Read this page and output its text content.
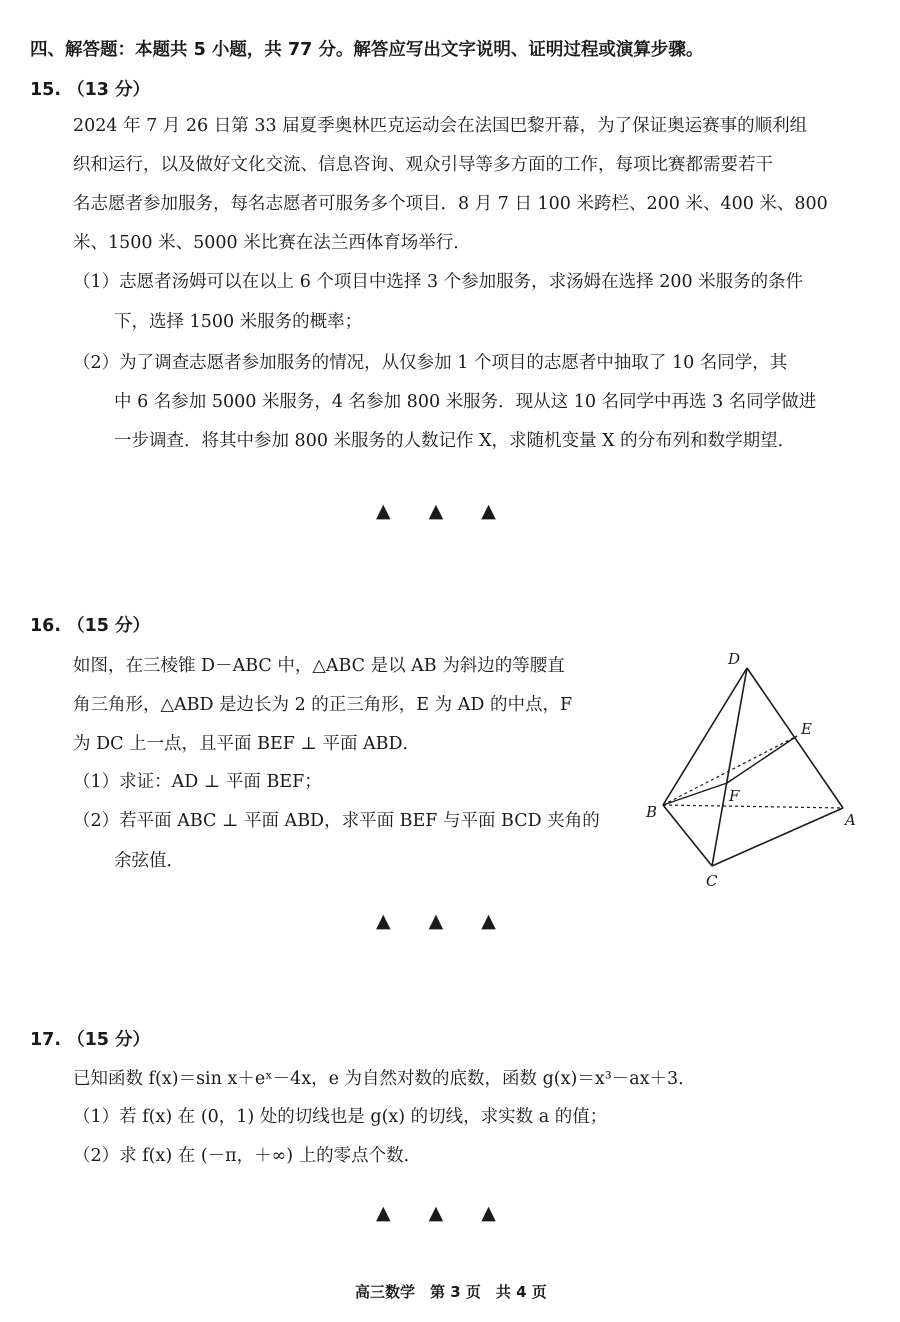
四、解答题：本题共 5 小题，共 77 分。解答应写出文字说明、证明过程或演算步骤。
15. （13 分）
2024 年 7 月 26 日第 33 届夏季奥林匹克运动会在法国巴黎开幕，为了保证奥运赛事的顺利组
织和运行，以及做好文化交流、信息咨询、观众引导等多方面的工作，每项比赛都需要若干
名志愿者参加服务，每名志愿者可服务多个项目．8 月 7 日 100 米跨栏、200 米、400 米、800
米、1500 米、5000 米比赛在法兰西体育场举行．
（1）志愿者汤姆可以在以上 6 个项目中选择 3 个参加服务，求汤姆在选择 200 米服务的条件
下，选择 1500 米服务的概率；
（2）为了调查志愿者参加服务的情况，从仅参加 1 个项目的志愿者中抽取了 10 名同学，其
中 6 名参加 5000 米服务，4 名参加 800 米服务．现从这 10 名同学中再选 3 名同学做进
一步调查．将其中参加 800 米服务的人数记作 X，求随机变量 X 的分布列和数学期望．
▲　　▲　　▲
16. （15 分）
如图，在三棱锥 D－ABC 中，△ABC 是以 AB 为斜边的等腰直
角三角形，△ABD 是边长为 2 的正三角形，E 为 AD 的中点，F
为 DC 上一点，且平面 BEF ⊥ 平面 ABD．
（1）求证：AD ⊥ 平面 BEF；
（2）若平面 ABC ⊥ 平面 ABD，求平面 BEF 与平面 BCD 夹角的
余弦值．
D
E
F
B	A
C
▲　　▲　　▲
17. （15 分）
已知函数 f(x)＝sin x＋eˣ－4x，e 为自然对数的底数，函数 g(x)＝x³－ax＋3．
（1）若 f(x) 在 (0，1) 处的切线也是 g(x) 的切线，求实数 a 的值；
（2）求 f(x) 在 (－π，＋∞) 上的零点个数．
▲　　▲　　▲
高三数学　第 3 页　共 4 页
